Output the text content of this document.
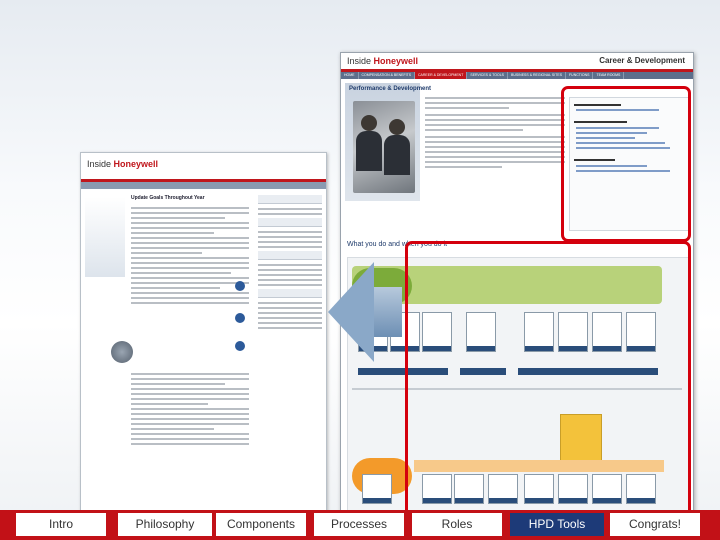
Inside Honeywell
Update Goals Throughout Year
Inside Honeywell	Career & Development
HOME	COMPENSATION & BENEFITS	CAREER & DEVELOPMENT	SERVICES & TOOLS	BUSINESS & REGIONAL SITES	FUNCTIONS	TEAM ROOMS
Performance & Development
What you do and when you do it
Intro	Philosophy	Components	Processes	Roles	HPD Tools	Congrats!
